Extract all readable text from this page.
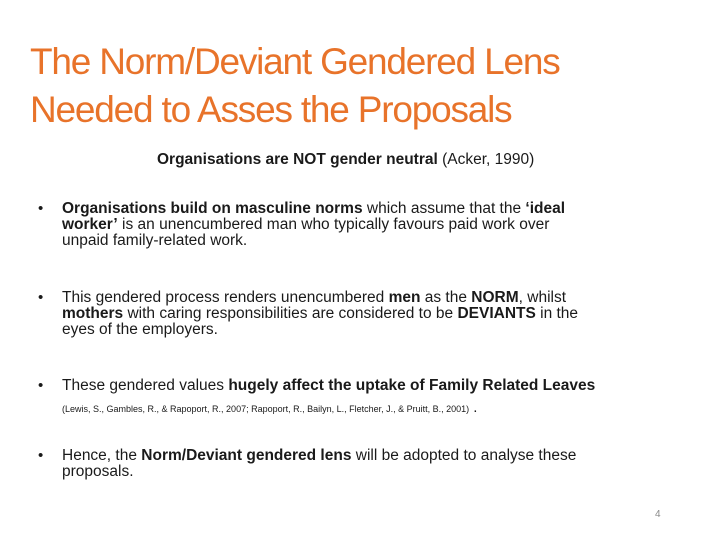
The Norm/Deviant Gendered Lens
Needed to Asses the Proposals
Organisations are NOT gender neutral (Acker, 1990)
• Organisations build on masculine norms which assume that the ‘ideal
worker’ is an unencumbered man who typically favours paid work over
unpaid family-related work.
• This gendered process renders unencumbered men as the NORM, whilst
mothers with caring responsibilities are considered to be DEVIANTS in the
eyes of the employers.
• These gendered values hugely affect the uptake of Family Related Leaves
(Lewis, S., Gambles, R., & Rapoport, R., 2007; Rapoport, R., Bailyn, L., Fletcher, J., & Pruitt, B., 2001) .
• Hence, the Norm/Deviant gendered lens will be adopted to analyse these
proposals.
4
